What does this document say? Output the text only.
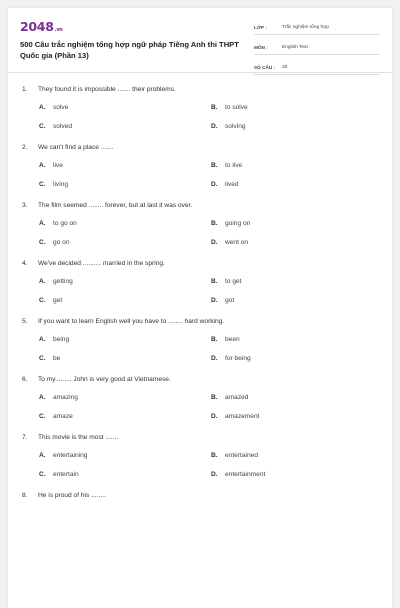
2048.vn
500 Câu trắc nghiệm tổng hợp ngữ pháp Tiếng Anh thi THPT Quốc gia (Phần 13)
LỚP :	Trắc nghiệm tổng hợp
MÔN :	English Test
SỐ CÂU :	25
1.	They found it is impossible ....... their problems.
A.	solve	B.	to solve
C.	solved	D.	solving
2.	We can't find a place .......
A.	live	B.	to live
C.	living	D.	lived
3.	The film seemed ........ forever, but at last it was over.
A.	to go on	B.	going on
C.	go on	D.	went on
4.	We've decided .......... married in the spring.
A.	getting	B.	to get
C.	get	D.	got
5.	If you want to learn English well you have to ........ hard working.
A.	being	B.	been
C.	be	D.	for being
6.	To my........, John is very good at Vietnamese.
A.	amazing	B.	amazed
C.	amaze	D.	amazement
7.	This movie is the most .......
A.	entertaining	B.	entertained
C.	entertain	D.	entertainment
8.	He is proud of his ........
